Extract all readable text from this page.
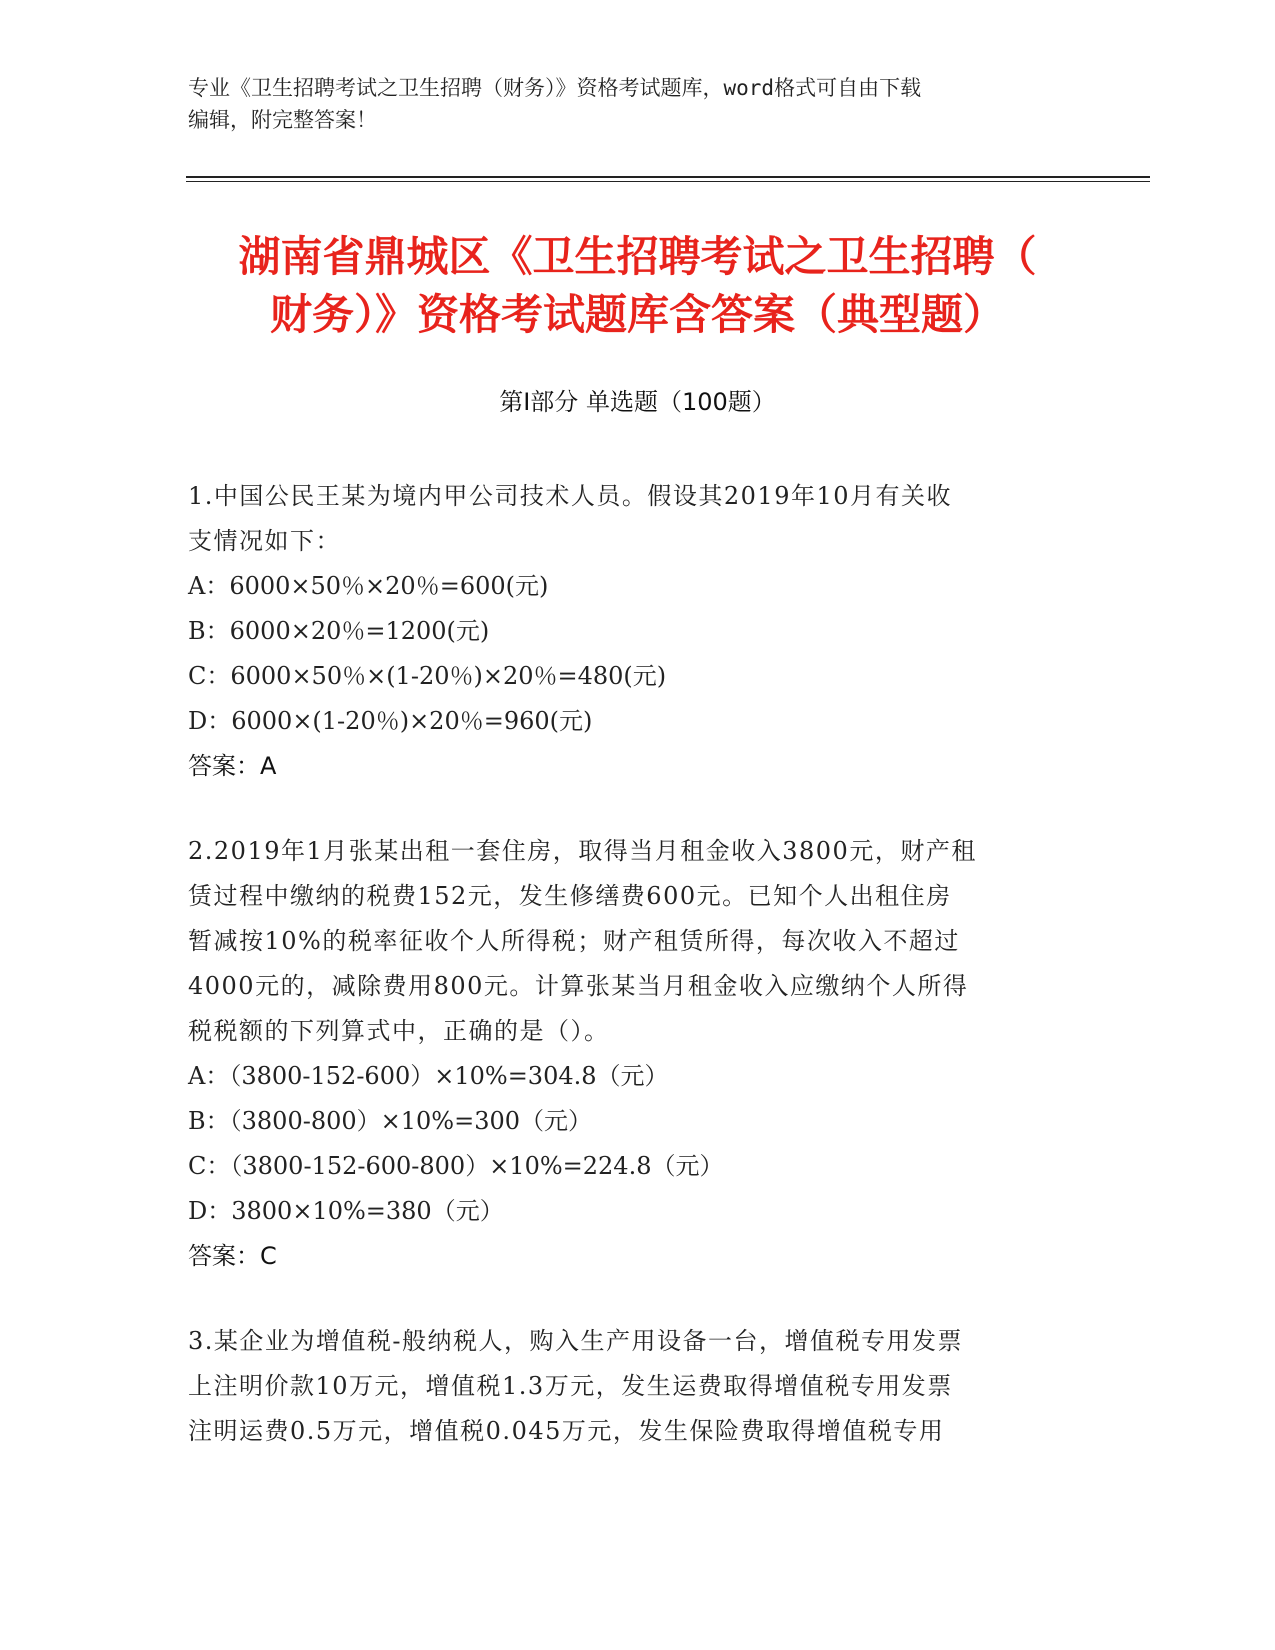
专业《卫生招聘考试之卫生招聘（财务）》资格考试题库，word格式可自由下载

编辑，附完整答案！

湖南省鼎城区《卫生招聘考试之卫生招聘（

财务）》资格考试题库含答案（典型题）

第Ⅰ部分 单选题（100题）

1.中国公民王某为境内甲公司技术人员。假设其2019年10月有关收

支情况如下：

A：6000×50％×20％=600(元)

B：6000×20％=1200(元)

C：6000×50％×(1-20％)×20％=480(元)

D：6000×(1-20％)×20％=960(元)

答案：A

2.2019年1月张某出租一套住房，取得当月租金收入3800元，财产租

赁过程中缴纳的税费152元，发生修缮费600元。已知个人出租住房

暂减按10%的税率征收个人所得税；财产租赁所得，每次收入不超过

4000元的，减除费用800元。计算张某当月租金收入应缴纳个人所得

税税额的下列算式中，正确的是（）。

A：（3800-152-600）×10%=304.8（元）

B：（3800-800）×10%=300（元）

C：（3800-152-600-800）×10%=224.8（元）

D：3800×10%=380（元）

答案：C

3.某企业为增值税-般纳税人，购入生产用设备一台，增值税专用发票

上注明价款10万元，增值税1.3万元，发生运费取得增值税专用发票

注明运费0.5万元，增值税0.045万元，发生保险费取得增值税专用
